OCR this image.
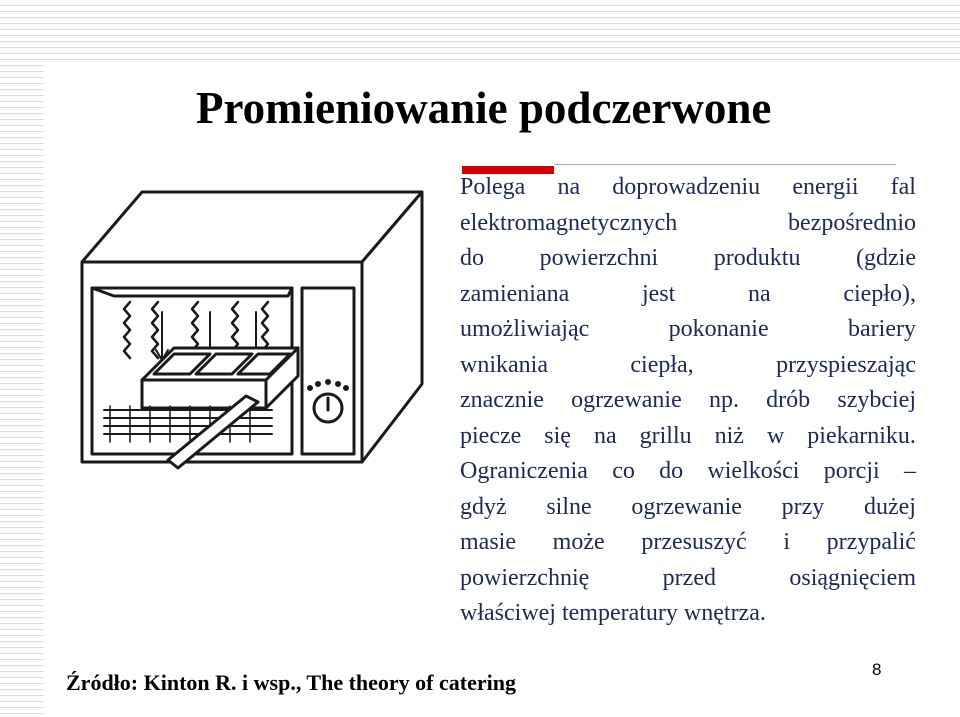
Promieniowanie podczerwone
Polega na doprowadzeniu energii fal
elektromagnetycznych	bezpośrednio
do powierzchni produktu (gdzie
zamieniana	jest	na	ciepło),
umożliwiając	pokonanie	bariery
wnikania	ciepła,	przyspieszając
znacznie ogrzewanie np. drób szybciej
piecze się na grillu niż w piekarniku.
Ograniczenia co do wielkości porcji –
gdyż silne ogrzewanie przy dużej
masie może przesuszyć i przypalić
powierzchnię	przed	osiągnięciem
właściwej temperatury wnętrza.

Źródło: Kinton R. i wsp., The theory of catering

8
